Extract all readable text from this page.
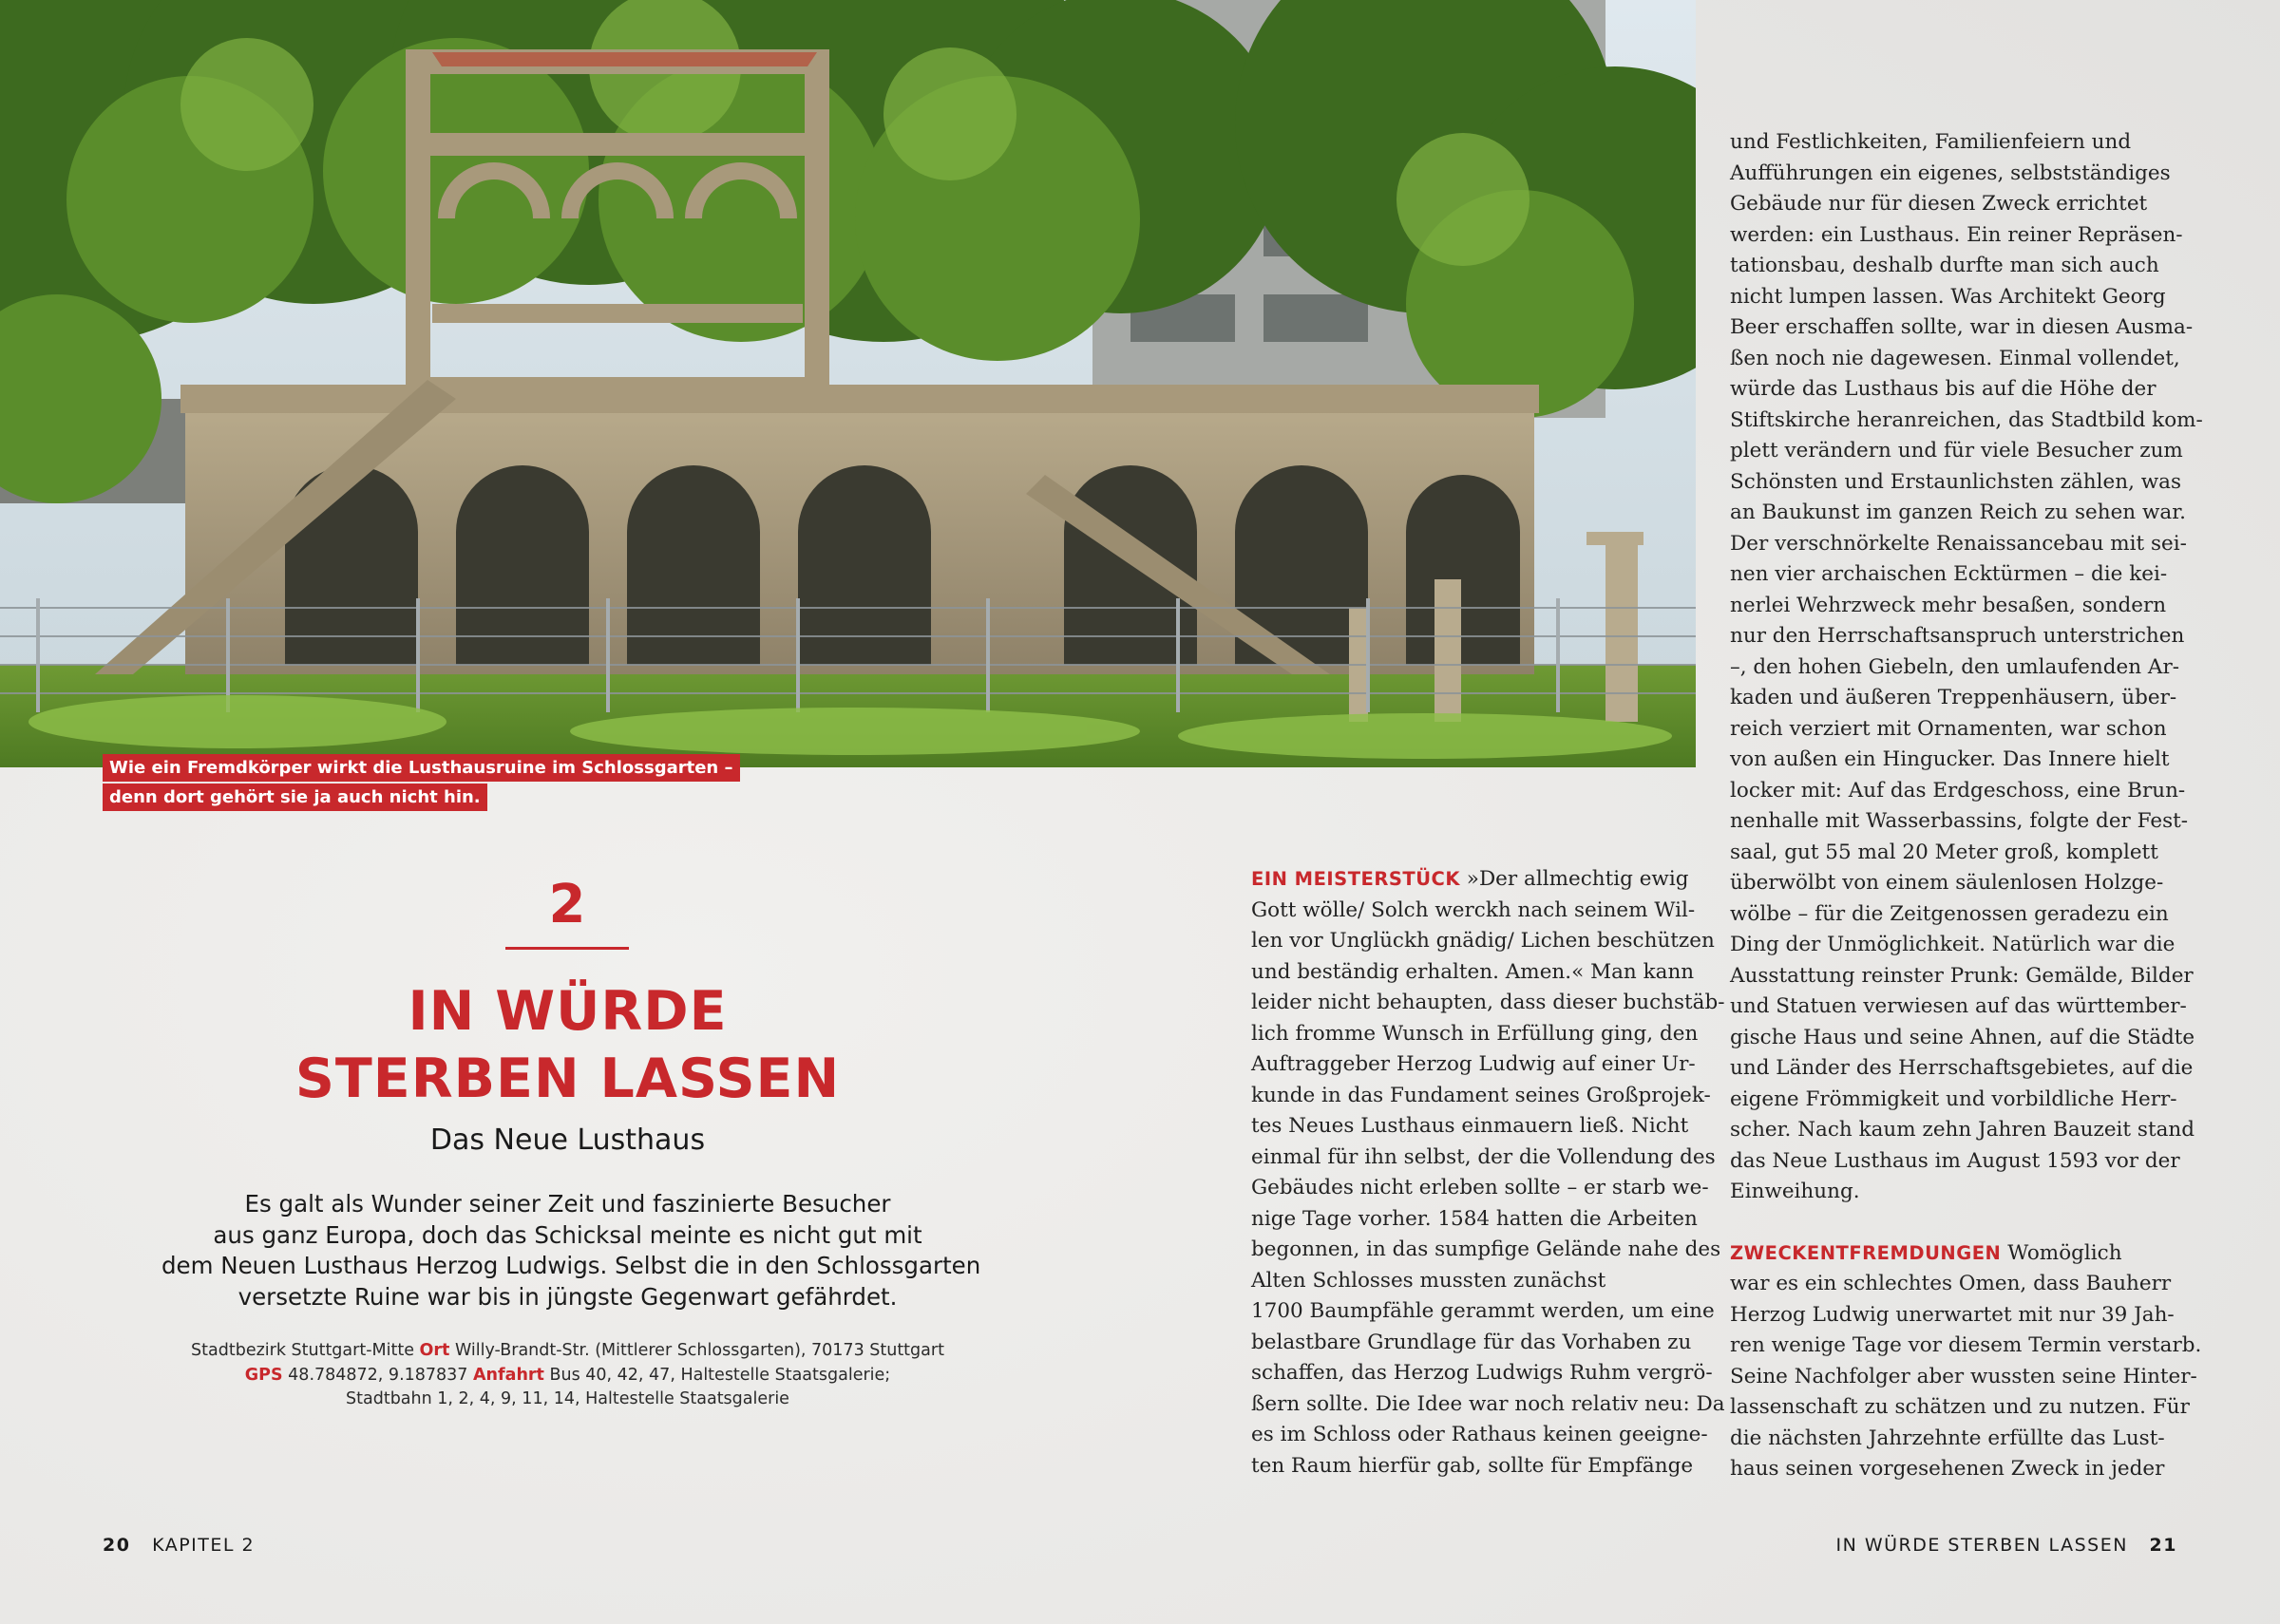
Wie ein Fremdkörper wirkt die Lusthausruine im Schlossgarten –
denn dort gehört sie ja auch nicht hin.
2
IN WÜRDE
STERBEN LASSEN
Das Neue Lusthaus
Es galt als Wunder seiner Zeit und faszinierte Besucher
aus ganz Europa, doch das Schicksal meinte es nicht gut mit
dem Neuen Lusthaus Herzog Ludwigs. Selbst die in den Schlossgarten
versetzte Ruine war bis in jüngste Gegenwart gefährdet.
Stadtbezirk Stuttgart-Mitte Ort Willy-Brandt-Str. (Mittlerer Schlossgarten), 70173 Stuttgart
GPS 48.784872, 9.187837 Anfahrt Bus 40, 42, 47, Haltestelle Staatsgalerie;
Stadtbahn 1, 2, 4, 9, 11, 14, Haltestelle Staatsgalerie
EIN MEISTERSTÜCK »Der allmechtig ewig
Gott wölle/ Solch werckh nach seinem Wil-
len vor Unglückh gnädig/ Lichen beschützen
und beständig erhalten. Amen.« Man kann
leider nicht behaupten, dass dieser buchstäb-
lich fromme Wunsch in Erfüllung ging, den
Auftraggeber Herzog Ludwig auf einer Ur-
kunde in das Fundament seines Großprojek-
tes Neues Lusthaus einmauern ließ. Nicht
einmal für ihn selbst, der die Vollendung des
Gebäudes nicht erleben sollte – er starb we-
nige Tage vorher. 1584 hatten die Arbeiten
begonnen, in das sumpfige Gelände nahe des
Alten Schlosses mussten zunächst
1700 Baumpfähle gerammt werden, um eine
belastbare Grundlage für das Vorhaben zu
schaffen, das Herzog Ludwigs Ruhm vergrö-
ßern sollte. Die Idee war noch relativ neu: Da
es im Schloss oder Rathaus keinen geeigne-
ten Raum hierfür gab, sollte für Empfänge
und Festlichkeiten, Familienfeiern und
Aufführungen ein eigenes, selbstständiges
Gebäude nur für diesen Zweck errichtet
werden: ein Lusthaus. Ein reiner Repräsen-
tationsbau, deshalb durfte man sich auch
nicht lumpen lassen. Was Architekt Georg
Beer erschaffen sollte, war in diesen Ausma-
ßen noch nie dagewesen. Einmal vollendet,
würde das Lusthaus bis auf die Höhe der
Stiftskirche heranreichen, das Stadtbild kom-
plett verändern und für viele Besucher zum
Schönsten und Erstaunlichsten zählen, was
an Baukunst im ganzen Reich zu sehen war.
Der verschnörkelte Renaissancebau mit sei-
nen vier archaischen Ecktürmen – die kei-
nerlei Wehrzweck mehr besaßen, sondern
nur den Herrschaftsanspruch unterstrichen
–, den hohen Giebeln, den umlaufenden Ar-
kaden und äußeren Treppenhäusern, über-
reich verziert mit Ornamenten, war schon
von außen ein Hingucker. Das Innere hielt
locker mit: Auf das Erdgeschoss, eine Brun-
nenhalle mit Wasserbassins, folgte der Fest-
saal, gut 55 mal 20 Meter groß, komplett
überwölbt von einem säulenlosen Holzge-
wölbe – für die Zeitgenossen geradezu ein
Ding der Unmöglichkeit. Natürlich war die
Ausstattung reinster Prunk: Gemälde, Bilder
und Statuen verwiesen auf das württember-
gische Haus und seine Ahnen, auf die Städte
und Länder des Herrschaftsgebietes, auf die
eigene Frömmigkeit und vorbildliche Herr-
scher. Nach kaum zehn Jahren Bauzeit stand
das Neue Lusthaus im August 1593 vor der
Einweihung.
ZWECKENTFREMDUNGEN Womöglich
war es ein schlechtes Omen, dass Bauherr
Herzog Ludwig unerwartet mit nur 39 Jah-
ren wenige Tage vor diesem Termin verstarb.
Seine Nachfolger aber wussten seine Hinter-
lassenschaft zu schätzen und zu nutzen. Für
die nächsten Jahrzehnte erfüllte das Lust-
haus seinen vorgesehenen Zweck in jeder
20 KAPITEL 2	IN WÜRDE STERBEN LASSEN 21
